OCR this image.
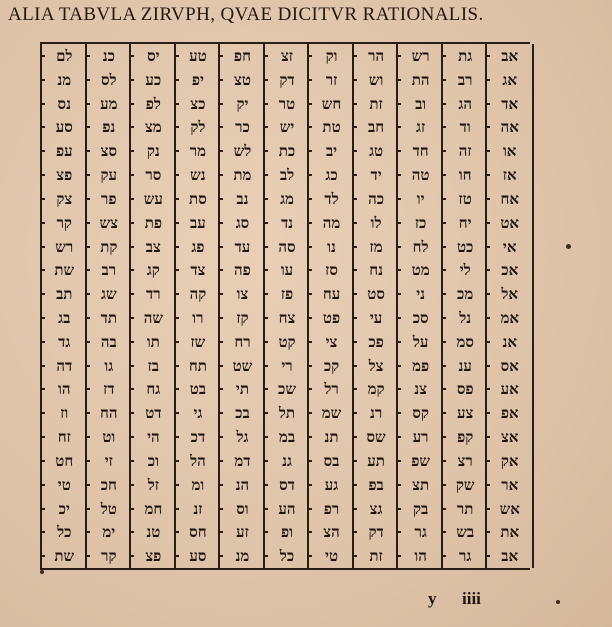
ALIA TABVLA ZIRVPH, QVAE DICITVR RATIONALIS.
אב
אג
אד
אה
או
אז
אח
אט
אי
אכ
אל
אמ
אנ
אס
אע
אפ
אצ
אק
אר
אש
את
אב
גת
רב
הג
וד
זה
חו
טז
יח
כט
לי
מכ
נל
סמ
ענ
פס
צע
קפ
רצ
שק
תר
בש
גר
רש
הת
וב
זג
חד
טה
יו
כז
לח
מט
ני
סכ
על
פמ
צנ
קס
רע
שפ
תצ
בק
גר
הו
הר
וש
זת
חב
טג
יד
כה
לו
מז
נח
סט
עי
פכ
צל
קמ
רנ
שס
תע
בפ
גצ
דק
זת
וק
זר
חש
טת
יב
כג
לד
מה
נו
סז
עח
פט
צי
קכ
רל
שמ
תנ
בס
גע
רפ
הצ
טי
זצ
דק
טר
יש
כת
לב
מג
נד
סה
עו
פז
צח
קט
רי
שכ
תל
במ
גנ
דס
הע
ופ
כל
חפ
טצ
יק
כר
לש
מת
נב
סג
עד
פה
צו
קז
רח
שט
תי
בכ
גל
דמ
הנ
וס
זע
מנ
טע
יפ
כצ
לק
מר
נש
סת
עב
פג
צד
קה
רו
שז
תח
בט
גי
דכ
הל
ומ
זנ
חס
סע
יס
כע
לפ
מצ
נק
סר
עש
פת
צב
קג
רד
שה
תו
בז
גח
דט
הי
וכ
זל
חמ
טנ
פצ
כנ
לס
מע
נפ
סצ
עק
פר
צש
קת
רב
שג
תד
בה
גו
דז
הח
וט
זי
חכ
טל
ימ
קר
לם
מנ
נס
סע
עפ
פצ
צק
קר
רש
שת
תב
בג
גד
דה
הו
וז
זח
חט
טי
יכ
כל
שת
y iiii
